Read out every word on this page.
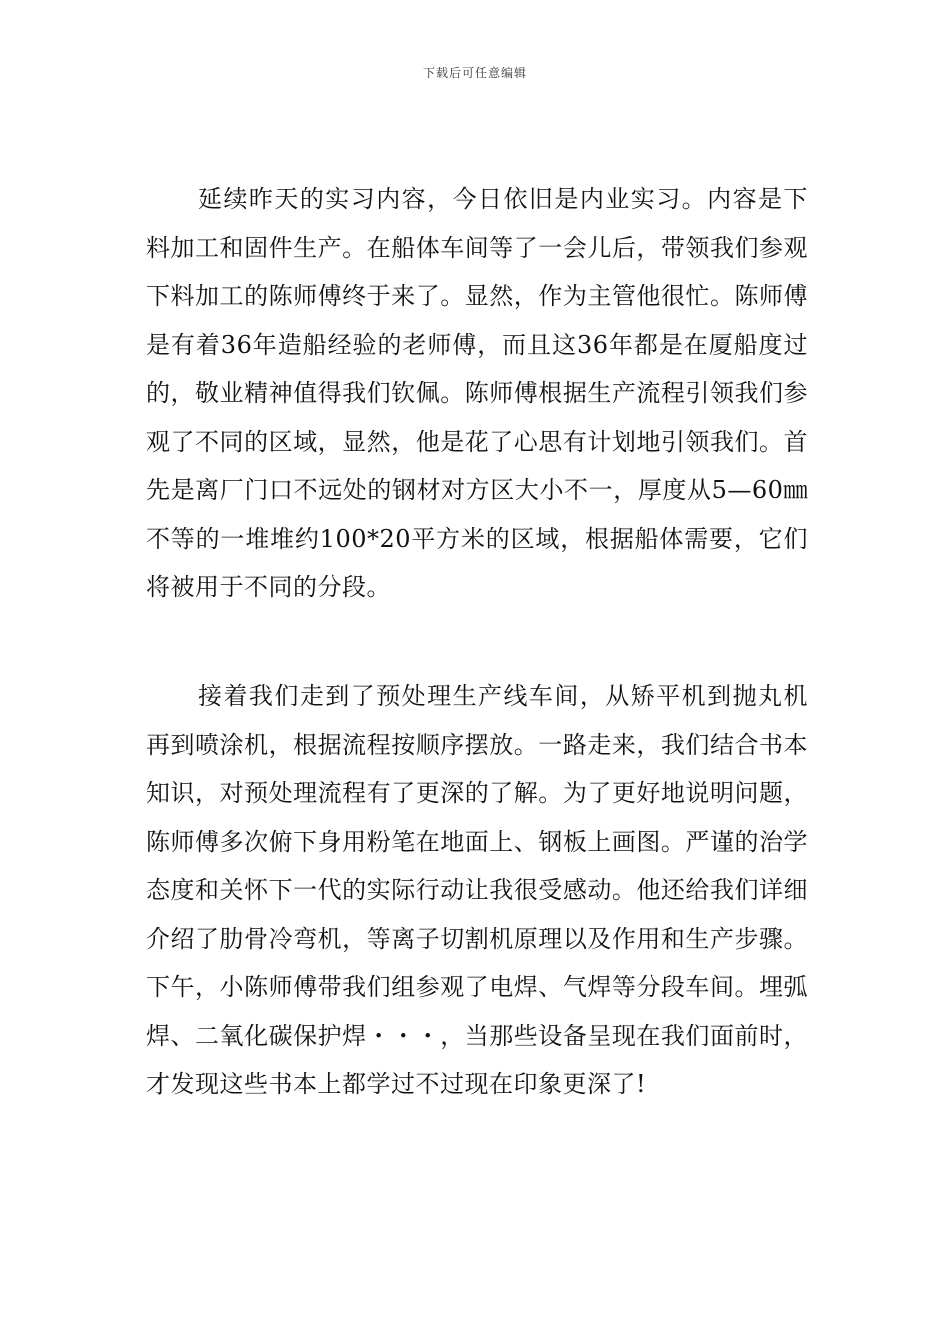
下载后可任意编辑

延续昨天的实习内容，今日依旧是内业实习。内容是下料加工和固件生产。在船体车间等了一会儿后，带领我们参观下料加工的陈师傅终于来了。显然，作为主管他很忙。陈师傅是有着36年造船经验的老师傅，而且这36年都是在厦船度过的，敬业精神值得我们钦佩。陈师傅根据生产流程引领我们参观了不同的区域，显然，他是花了心思有计划地引领我们。首先是离厂门口不远处的钢材对方区大小不一，厚度从5—60㎜不等的一堆堆约100*20平方米的区域，根据船体需要，它们将被用于不同的分段。

接着我们走到了预处理生产线车间，从矫平机到抛丸机再到喷涂机，根据流程按顺序摆放。一路走来，我们结合书本知识，对预处理流程有了更深的了解。为了更好地说明问题，陈师傅多次俯下身用粉笔在地面上、钢板上画图。严谨的治学态度和关怀下一代的实际行动让我很受感动。他还给我们详细介绍了肋骨冷弯机，等离子切割机原理以及作用和生产步骤。下午，小陈师傅带我们组参观了电焊、气焊等分段车间。埋弧焊、二氧化碳保护焊・・・，当那些设备呈现在我们面前时，才发现这些书本上都学过不过现在印象更深了!
